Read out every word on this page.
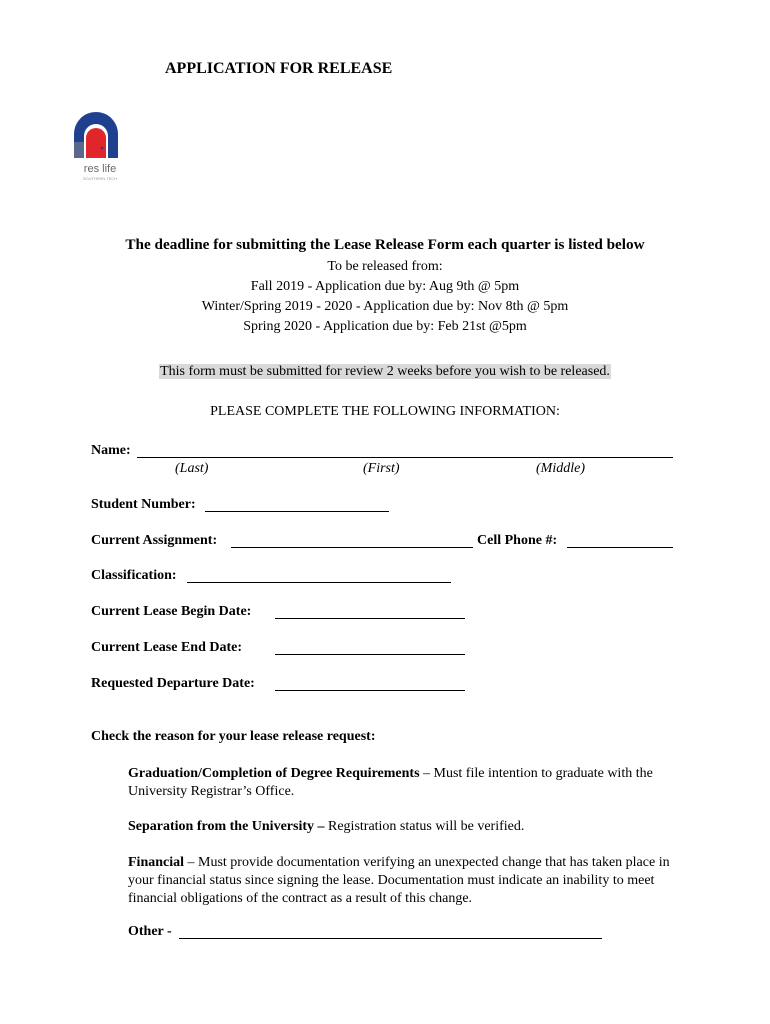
APPLICATION FOR RELEASE
res life
SOUTHERN TECH
The deadline for submitting the Lease Release Form each quarter is listed below
To be released from:
Fall 2019 - Application due by: Aug 9th @ 5pm
Winter/Spring 2019 - 2020 - Application due by: Nov 8th @ 5pm
Spring 2020 - Application due by: Feb 21st @5pm
This form must be submitted for review 2 weeks before you wish to be released.
PLEASE COMPLETE THE FOLLOWING INFORMATION:
Name:
(Last)	(First)	(Middle)
Student Number:
Current Assignment:	Cell Phone #:
Classification:
Current Lease Begin Date:
Current Lease End Date:
Requested Departure Date:
Check the reason for your lease release request:
Graduation/Completion of Degree Requirements – Must file intention to graduate with the University Registrar’s Office.
Separation from the University – Registration status will be verified.
Financial – Must provide documentation verifying an unexpected change that has taken place in your financial status since signing the lease. Documentation must indicate an inability to meet financial obligations of the contract as a result of this change.
Other -
